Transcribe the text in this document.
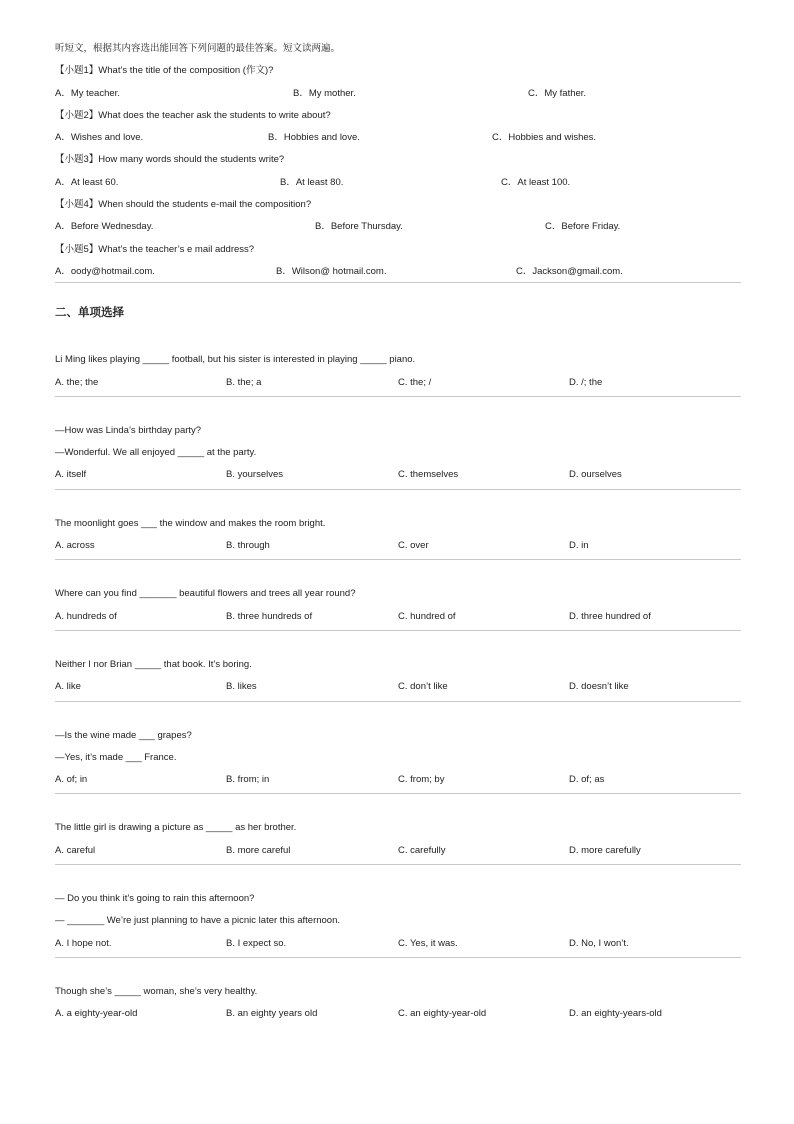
听短文，根据其内容选出能回答下列问题的最佳答案。短文读两遍。
【小题1】What’s the title of the composition (作文)?
A．My teacher.	B．My mother.	C．My father.
【小题2】What does the teacher ask the students to write about?
A．Wishes and love.	B．Hobbies and love.	C．Hobbies and wishes.
【小题3】How many words should the students write?
A．At least 60.	B．At least 80.	C．At least 100.
【小题4】When should the students e-mail the composition?
A．Before Wednesday.	B．Before Thursday.	C．Before Friday.
【小题5】What’s the teacher’s e mail address?
A．oody@hotmail.com.	B．Wilson@ hotmail.com.	C．Jackson@gmail.com.
二、单项选择
Li Ming likes playing _____ football, but his sister is interested in playing _____ piano.
A. the; the	B. the; a	C. the; /	D. /; the
—How was Linda’s birthday party?
—Wonderful. We all enjoyed _____ at the party.
A. itself	B. yourselves	C. themselves	D. ourselves
The moonlight goes ___ the window and makes the room bright.
A. across	B. through	C. over	D. in
Where can you find _______ beautiful flowers and trees all year round?
A. hundreds of	B. three hundreds of	C. hundred of	D. three hundred of
Neither I nor Brian _____ that book. It’s boring.
A. like	B. likes	C. don’t like	D. doesn’t like
—Is the wine made ___ grapes?
—Yes, it’s made ___ France.
A. of; in	B. from; in	C. from; by	D. of; as
The little girl is drawing a picture as _____ as her brother.
A. careful	B. more careful	C. carefully	D. more carefully
— Do you think it’s going to rain this afternoon?
— _______ We’re just planning to have a picnic later this afternoon.
A. I hope not.	B. I expect so.	C. Yes, it was.	D. No, I won’t.
Though she’s _____ woman, she’s very healthy.
A. a eighty-year-old	B. an eighty years old	C. an eighty-year-old	D. an eighty-years-old
